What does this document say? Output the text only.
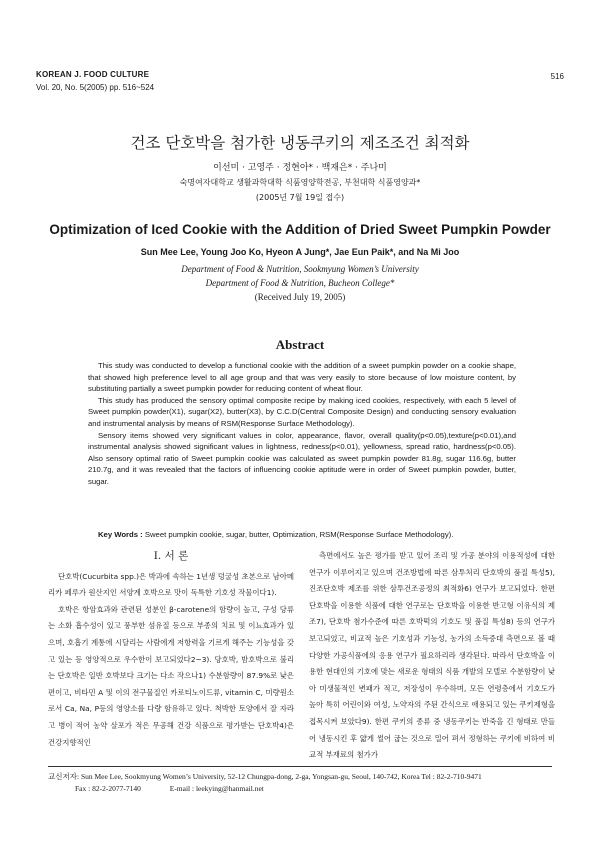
KOREAN J. FOOD CULTURE
Vol. 20, No. 5(2005) pp. 516~524
516
건조 단호박을 첨가한 냉동쿠키의 제조조건 최적화
이선미 · 고영주 · 정현아* · 백재은* · 주나미
숙명여자대학교 생활과학대학 식품영양학전공, 부천대학 식품영양과*
(2005년 7월 19일 접수)
Optimization of Iced Cookie with the Addition of Dried Sweet Pumpkin Powder
Sun Mee Lee, Young Joo Ko, Hyeon A Jung*, Jae Eun Paik*, and Na Mi Joo
Department of Food & Nutrition, Sookmyung Women’s University
Department of Food & Nutrition, Bucheon College*
(Received July 19, 2005)
Abstract

This study was conducted to develop a functional cookie with the addition of a sweet pumpkin powder on a cookie shape, that showed high preference level to all age group and that was very easily to store because of low moisture content, by substituting partially a sweet pumpkin powder for reducing content of wheat flour.

This study has produced the sensory optimal composite recipe by making iced cookies, respectively, with each 5 level of Sweet pumpkin powder(X1), sugar(X2), butter(X3), by C.C.D(Central Composite Design) and conducting sensory evaluation and instrumental analysis by means of RSM(Response Surface Methodology).

Sensory items showed very significant values in color, appearance, flavor, overall quality(p<0.05),texture(p<0.01),and instrumental analysis showed significant values in lightness, redness(p<0.01), yellowness, spread ratio, hardness(p<0.05). Also sensory optimal ratio of Sweet pumpkin cookie was calculated as sweet pumpkin powder 81.8g, sugar 116.6g, butter 210.7g, and it was revealed that the factors of influencing cookie aptitude were in order of Sweet pumpkin powder, butter, sugar.

Key Words : Sweet pumpkin cookie, sugar, butter, Optimization, RSM(Response Surface Methodology).
I. 서 론

단호박(Cucurbita spp.)은 박과에 속하는 1년생 덩굴성 초본으로 남아메리카 페루가 원산지인 서양계 호박으로 맛이 독특한 기호성 작물이다1).

호박은 항암효과와 관련된 성분인 β-carotene의 함량이 높고, 구성 당류는 소화 흡수성이 있고 풍부한 섬유질 등으로 부종의 치료 및 이뇨효과가 있으며, 호흡기 계통에 시달리는 사람에게 저항력을 기르게 해주는 기능성을 갖고 있는 등 영양적으로 우수한이 보고되었다2~3). 당호박, 밤호박으로 불리는 단호박은 일반 호박보다 크기는 다소 작으나1) 수분함량이 87.9%로 낮은 편이고, 비타민 A 및 이의 전구물질인 카로티노이드류, vitamin C, 미량원소로서 Ca, Na, P등의 영양소를 다량 함유하고 있다. 척박한 토양에서 잘 자라고 병이 적어 농약 살포가 적은 무공해 건강 식품으로 평가받는 단호박4)은 건강지향적인

측면에서도 높은 평가를 받고 있어 조리 및 가공 분야의 이용적성에 대한 연구가 이루어지고 있으며 건조방법에 따른 삼투처리 단호박의 품질 특성5), 진조단호박 제조를 위한 삼투건조공정의 최적화6) 연구가 보고되었다. 한편 단호박을 이용한 식품에 대한 연구로는 단호박을 이용한 반고형 이유식의 제조7), 단호박 첨가수준에 따른 호박떡의 기호도 및 품질 특성8) 등의 연구가 보고되었고, 비교적 높은 기호성과 기능성, 농가의 소득증대 측면으로 볼 때 다양한 가공식품에의 응용 연구가 필요하리라 생각된다. 따라서 단호박을 이용한 현대인의 기호에 맞는 새로운 형태의 식품 개발의 모델로 수분함량이 낮아 미생물적인 변패가 적고, 저장성이 우수하며, 모든 연령층에서 기호도가 높아 특히 어린이와 여성, 노약자의 주된 간식으로 애용되고 있는 쿠키제형을 접목시켜 보았다9). 한편 쿠키의 종류 중 냉동쿠키는 반죽을 긴 형태로 만들어 냉동시킨 후 얇게 썰어 굽는 것으로 밀어 펴서 정형하는 쿠키에 비하여 비교적 부재료의 첨가가

교신저자: Sun Mee Lee, Sookmyung Women’s University, 52-12 Chungpa-dong, 2-ga, Yongsan-gu, Seoul, 140-742, Korea Tel : 82-2-710-9471
Fax : 82-2-2077-7140	E-mail : leekying@hanmail.net
